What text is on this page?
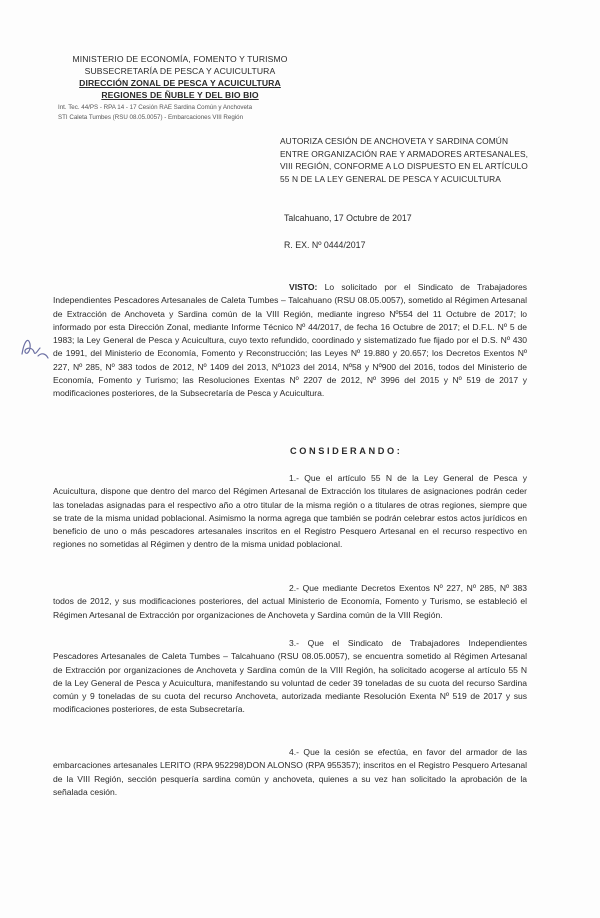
MINISTERIO DE ECONOMÍA, FOMENTO Y TURISMO
SUBSECRETARÍA DE PESCA Y ACUICULTURA
DIRECCIÓN ZONAL DE PESCA Y ACUICULTURA
REGIONES DE ÑUBLE Y DEL BIO BIO
Int. Tec. 44/PS - RPA 14 - 17 Cesión RAE Sardina Común y Anchoveta
STI Caleta Tumbes (RSU 08.05.0057) - Embarcaciones VIII Región
AUTORIZA CESIÓN DE ANCHOVETA Y SARDINA COMÚN
ENTRE ORGANIZACIÓN RAE Y ARMADORES ARTESANALES,
VIII REGIÓN, CONFORME A LO DISPUESTO EN EL ARTÍCULO
55 N DE LA LEY GENERAL DE PESCA Y ACUICULTURA
Talcahuano, 17 Octubre de 2017
R. EX. Nº 0444/2017
VISTO: Lo solicitado por el Sindicato de Trabajadores Independientes Pescadores Artesanales de Caleta Tumbes – Talcahuano (RSU 08.05.0057), sometido al Régimen Artesanal de Extracción de Anchoveta y Sardina común de la VIII Región, mediante ingreso Nº554 del 11 Octubre de 2017; lo informado por esta Dirección Zonal, mediante Informe Técnico Nº 44/2017, de fecha 16 Octubre de 2017; el D.F.L. Nº 5 de 1983; la Ley General de Pesca y Acuicultura, cuyo texto refundido, coordinado y sistematizado fue fijado por el D.S. Nº 430 de 1991, del Ministerio de Economía, Fomento y Reconstrucción; las Leyes Nº 19.880 y 20.657; los Decretos Exentos Nº 227, Nº 285, Nº 383 todos de 2012, Nº 1409 del 2013, Nº1023 del 2014, Nº58 y Nº900 del 2016, todos del Ministerio de Economía, Fomento y Turismo; las Resoluciones Exentas Nº 2207 de 2012, Nº 3996 del 2015 y Nº 519 de 2017 y modificaciones posteriores, de la Subsecretaría de Pesca y Acuicultura.
CONSIDERANDO:
1.- Que el artículo 55 N de la Ley General de Pesca y Acuicultura, dispone que dentro del marco del Régimen Artesanal de Extracción los titulares de asignaciones podrán ceder las toneladas asignadas para el respectivo año a otro titular de la misma región o a titulares de otras regiones, siempre que se trate de la misma unidad poblacional. Asimismo la norma agrega que también se podrán celebrar estos actos jurídicos en beneficio de uno o más pescadores artesanales inscritos en el Registro Pesquero Artesanal en el recurso respectivo en regiones no sometidas al Régimen y dentro de la misma unidad poblacional.
2.- Que mediante Decretos Exentos Nº 227, Nº 285, Nº 383 todos de 2012, y sus modificaciones posteriores, del actual Ministerio de Economía, Fomento y Turismo, se estableció el Régimen Artesanal de Extracción por organizaciones de Anchoveta y Sardina común de la VIII Región.
3.- Que el Sindicato de Trabajadores Independientes Pescadores Artesanales de Caleta Tumbes – Talcahuano (RSU 08.05.0057), se encuentra sometido al Régimen Artesanal de Extracción por organizaciones de Anchoveta y Sardina común de la VIII Región, ha solicitado acogerse al artículo 55 N de la Ley General de Pesca y Acuicultura, manifestando su voluntad de ceder 39 toneladas de su cuota del recurso Sardina común y 9 toneladas de su cuota del recurso Anchoveta, autorizada mediante Resolución Exenta Nº 519 de 2017 y sus modificaciones posteriores, de esta Subsecretaría.
4.- Que la cesión se efectúa, en favor del armador de las embarcaciones artesanales LERITO (RPA 952298)DON ALONSO (RPA 955357); inscritos en el Registro Pesquero Artesanal de la VIII Región, sección pesquería sardina común y anchoveta, quienes a su vez han solicitado la aprobación de la señalada cesión.
